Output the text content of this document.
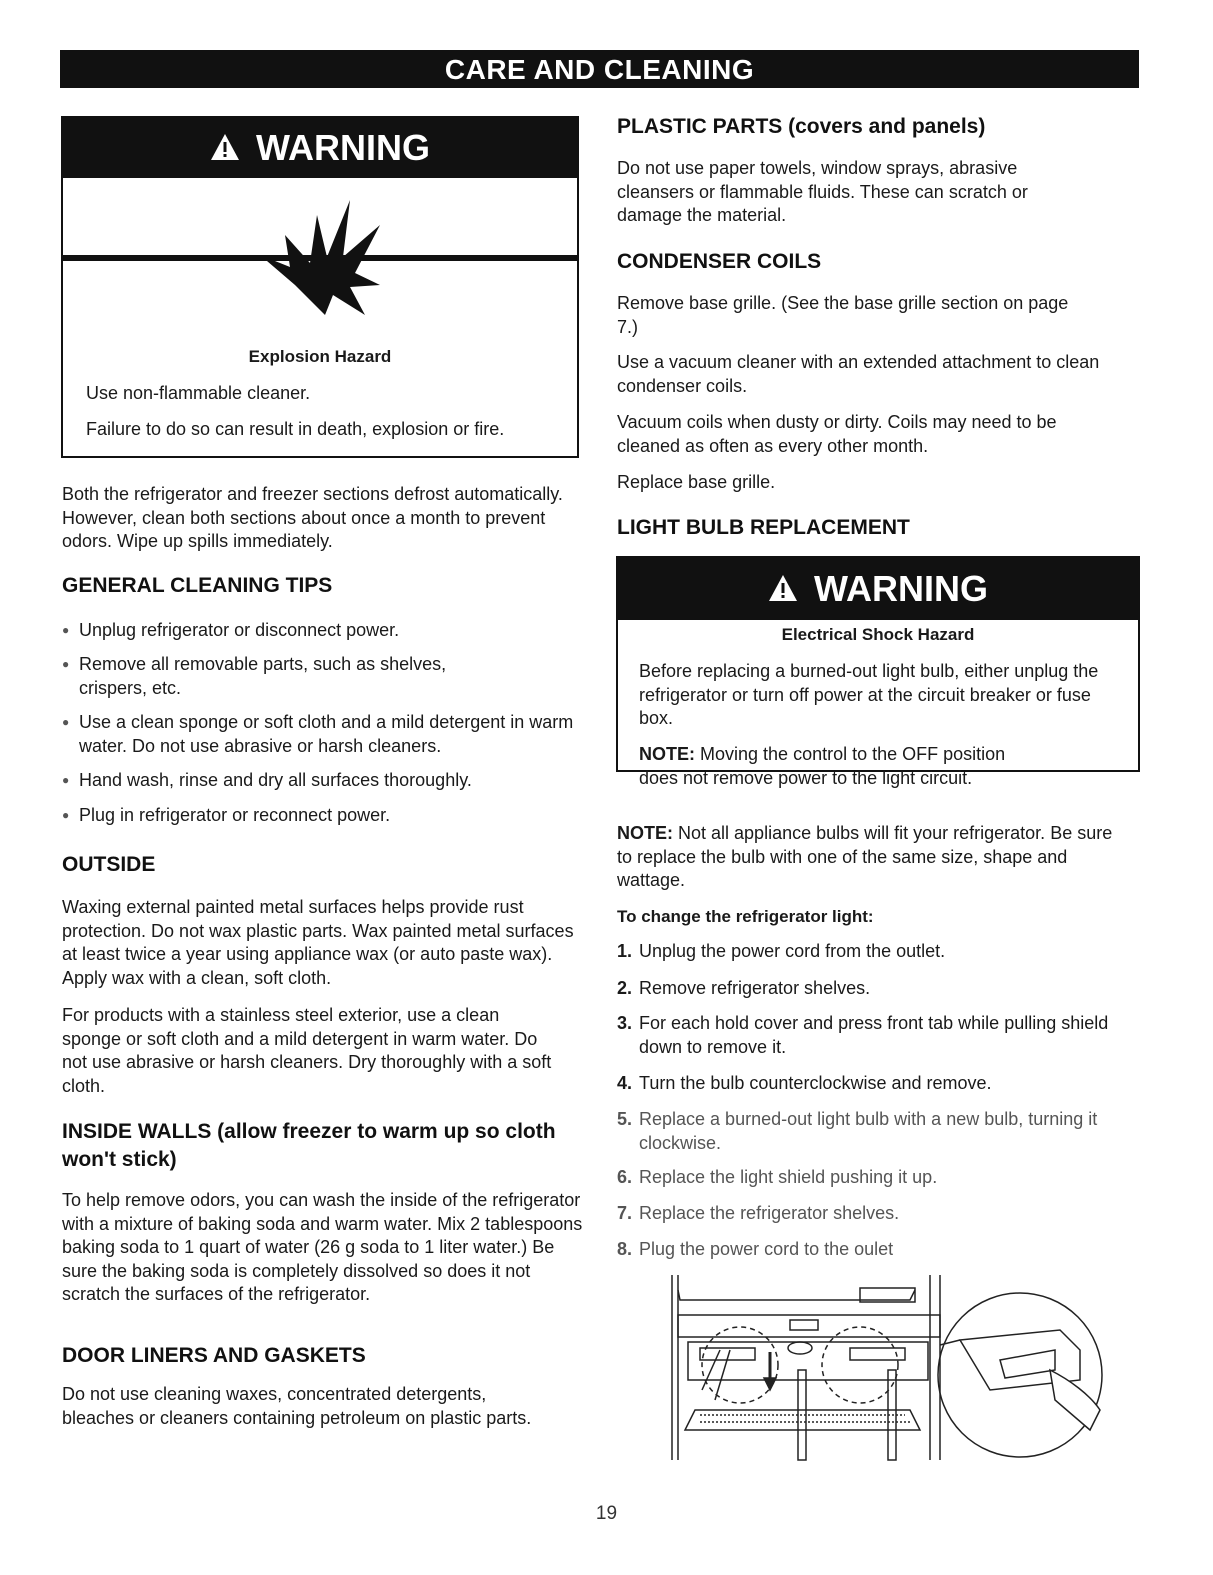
CARE AND CLEANING
WARNING
Explosion Hazard

Use non-flammable cleaner.

Failure to do so can result in death, explosion or fire.

Both the refrigerator and freezer sections defrost automatically. However, clean both sections about once a month to prevent odors. Wipe up spills immediately.

GENERAL CLEANING TIPS
● Unplug refrigerator or disconnect power.
● Remove all removable parts, such as shelves, crispers, etc.
● Use a clean sponge or soft cloth and a mild detergent in warm water. Do not use abrasive or harsh cleaners.
● Hand wash, rinse and dry all surfaces thoroughly.
● Plug in refrigerator or reconnect power.
OUTSIDE

Waxing external painted metal surfaces helps provide rust protection. Do not wax plastic parts. Wax painted metal surfaces at least twice a year using appliance wax (or auto paste wax). Apply wax with a clean, soft cloth.

For products with a stainless steel exterior, use a clean sponge or soft cloth and a mild detergent in warm water. Do not use abrasive or harsh cleaners. Dry thoroughly with a soft cloth.

INSIDE WALLS (allow freezer to warm up so cloth won't stick)

To help remove odors, you can wash the inside of the refrigerator with a mixture of baking soda and warm water. Mix 2 tablespoons baking soda to 1 quart of water (26 g soda to 1 liter water.) Be sure the baking soda is completely dissolved so does it not scratch the surfaces of the refrigerator.

DOOR LINERS AND GASKETS

Do not use cleaning waxes, concentrated detergents, bleaches or cleaners containing petroleum on plastic parts.

PLASTIC PARTS (covers and panels)

Do not use paper towels, window sprays, abrasive cleansers or flammable fluids. These can scratch or damage the material.

CONDENSER COILS

Remove base grille. (See the base grille section on page 7.)

Use a vacuum cleaner with an extended attachment to clean condenser coils.

Vacuum coils when dusty or dirty. Coils may need to be cleaned as often as every other month.

Replace base grille.

LIGHT BULB REPLACEMENT
WARNING
Electrical Shock Hazard

Before replacing a burned-out light bulb, either unplug the refrigerator or turn off power at the circuit breaker or fuse box.

NOTE: Moving the control to the OFF position does not remove power to the light circuit.

NOTE: Not all appliance bulbs will fit your refrigerator. Be sure to replace the bulb with one of the same size, shape and wattage.

To change the refrigerator light:

1. Unplug the power cord from the outlet.
2. Remove refrigerator shelves.
3. For each hold cover and press front tab while pulling shield down to remove it.
4. Turn the bulb counterclockwise and remove.
5. Replace a burned-out light bulb with a new bulb, turning it clockwise.
6. Replace the light shield pushing it up.
7. Replace the refrigerator shelves.
8. Plug the power cord to the oulet
19
